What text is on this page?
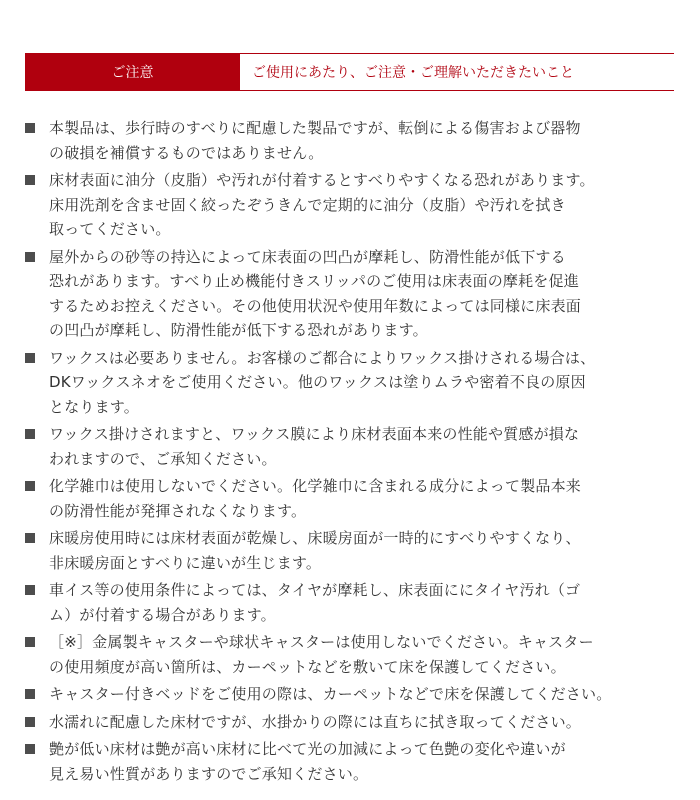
ご注意	ご使用にあたり、ご注意・ご理解いただきたいこと
本製品は、歩行時のすべりに配慮した製品ですが、転倒による傷害および器物
の破損を補償するものではありません。
床材表面に油分（皮脂）や汚れが付着するとすべりやすくなる恐れがあります。
床用洗剤を含ませ固く絞ったぞうきんで定期的に油分（皮脂）や汚れを拭き
取ってください。
屋外からの砂等の持込によって床表面の凹凸が摩耗し、防滑性能が低下する
恐れがあります。すべり止め機能付きスリッパのご使用は床表面の摩耗を促進
するためお控えください。その他使用状況や使用年数によっては同様に床表面
の凹凸が摩耗し、防滑性能が低下する恐れがあります。
ワックスは必要ありません。お客様のご都合によりワックス掛けされる場合は、
DKワックスネオをご使用ください。他のワックスは塗りムラや密着不良の原因
となります。
ワックス掛けされますと、ワックス膜により床材表面本来の性能や質感が損な
われますので、ご承知ください。
化学雑巾は使用しないでください。化学雑巾に含まれる成分によって製品本来
の防滑性能が発揮されなくなります。
床暖房使用時には床材表面が乾燥し、床暖房面が一時的にすべりやすくなり、
非床暖房面とすべりに違いが生じます。
車イス等の使用条件によっては、タイヤが摩耗し、床表面ににタイヤ汚れ（ゴ
ム）が付着する場合があります。
［※］金属製キャスターや球状キャスターは使用しないでください。キャスター
の使用頻度が高い箇所は、カーペットなどを敷いて床を保護してください。
キャスター付きベッドをご使用の際は、カーペットなどで床を保護してください。
水濡れに配慮した床材ですが、水掛かりの際には直ちに拭き取ってください。
艶が低い床材は艶が高い床材に比べて光の加減によって色艶の変化や違いが
見え易い性質がありますのでご承知ください。
